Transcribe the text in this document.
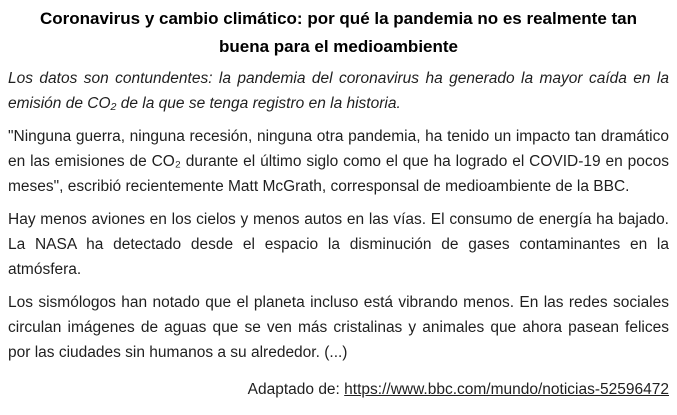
Coronavirus y cambio climático: por qué la pandemia no es realmente tan buena para el medioambiente

Los datos son contundentes: la pandemia del coronavirus ha generado la mayor caída en la emisión de CO₂ de la que se tenga registro en la historia.

"Ninguna guerra, ninguna recesión, ninguna otra pandemia, ha tenido un impacto tan dramático en las emisiones de CO₂ durante el último siglo como el que ha logrado el COVID-19 en pocos meses", escribió recientemente Matt McGrath, corresponsal de medioambiente de la BBC.

Hay menos aviones en los cielos y menos autos en las vías. El consumo de energía ha bajado. La NASA ha detectado desde el espacio la disminución de gases contaminantes en la atmósfera.

Los sismólogos han notado que el planeta incluso está vibrando menos. En las redes sociales circulan imágenes de aguas que se ven más cristalinas y animales que ahora pasean felices por las ciudades sin humanos a su alrededor. (...)

Adaptado de: https://www.bbc.com/mundo/noticias-52596472
